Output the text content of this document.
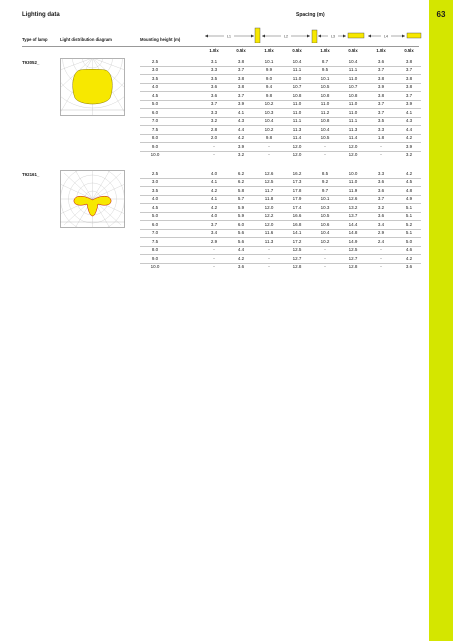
63
Lighting data	Spacing (m)
Type of lamp	Light distribution diagram	Mounting height (m)
L1	L2	L3	L4
1.0lx	0.5lx	1.0lx	0.5lx	1.0lx	0.5lx	1.0lx	0.5lx
T93052_	2.5	3.1	3.8	10.1	10.4	8.7	10.4	3.6	3.8
3.0	3.3	3.7	9.9	11.1	9.5	11.1	3.7	3.7
3.5	3.5	3.8	9.0	11.0	10.1	11.0	3.8	3.8
4.0	3.6	3.8	9.4	10.7	10.5	10.7	3.9	3.8
4.5	3.6	3.7	9.8	10.8	10.8	10.8	3.8	3.7
5.0	3.7	3.9	10.2	11.0	11.0	11.0	3.7	3.9
6.0	3.3	4.1	10.3	11.0	11.2	11.0	3.7	4.1
7.0	3.2	4.3	10.4	11.1	10.8	11.1	3.5	4.3
7.5	2.8	4.4	10.2	11.3	10.4	11.3	3.3	4.4
8.0	2.0	4.2	9.8	11.4	10.5	11.4	1.8	4.2
9.0	-	3.9	-	12.0	-	12.0	-	3.9
10.0	-	3.2	-	12.0	-	12.0	-	3.2
T92161_	2.5	4.0	6.2	12.6	16.2	8.5	10.0	3.3	4.2
3.0	4.1	6.2	12.5	17.3	9.2	11.0	3.6	4.5
3.5	4.2	5.8	11.7	17.8	9.7	11.9	3.6	4.8
4.0	4.1	5.7	11.8	17.9	10.1	12.6	3.7	4.9
4.5	4.2	5.9	12.0	17.4	10.3	13.2	3.2	5.1
5.0	4.0	5.9	12.2	16.6	10.5	13.7	3.6	5.1
6.0	3.7	6.0	12.0	16.8	10.6	14.4	3.4	5.2
7.0	3.4	5.6	11.6	14.1	10.4	14.8	2.9	5.1
7.5	2.9	5.6	11.3	17.2	10.2	14.9	2.4	5.0
8.0	-	4.4	-	12.5	-	12.5	-	4.6
9.0	-	4.2	-	12.7	-	12.7	-	4.2
10.0	-	3.6	-	12.8	-	12.8	-	3.6
